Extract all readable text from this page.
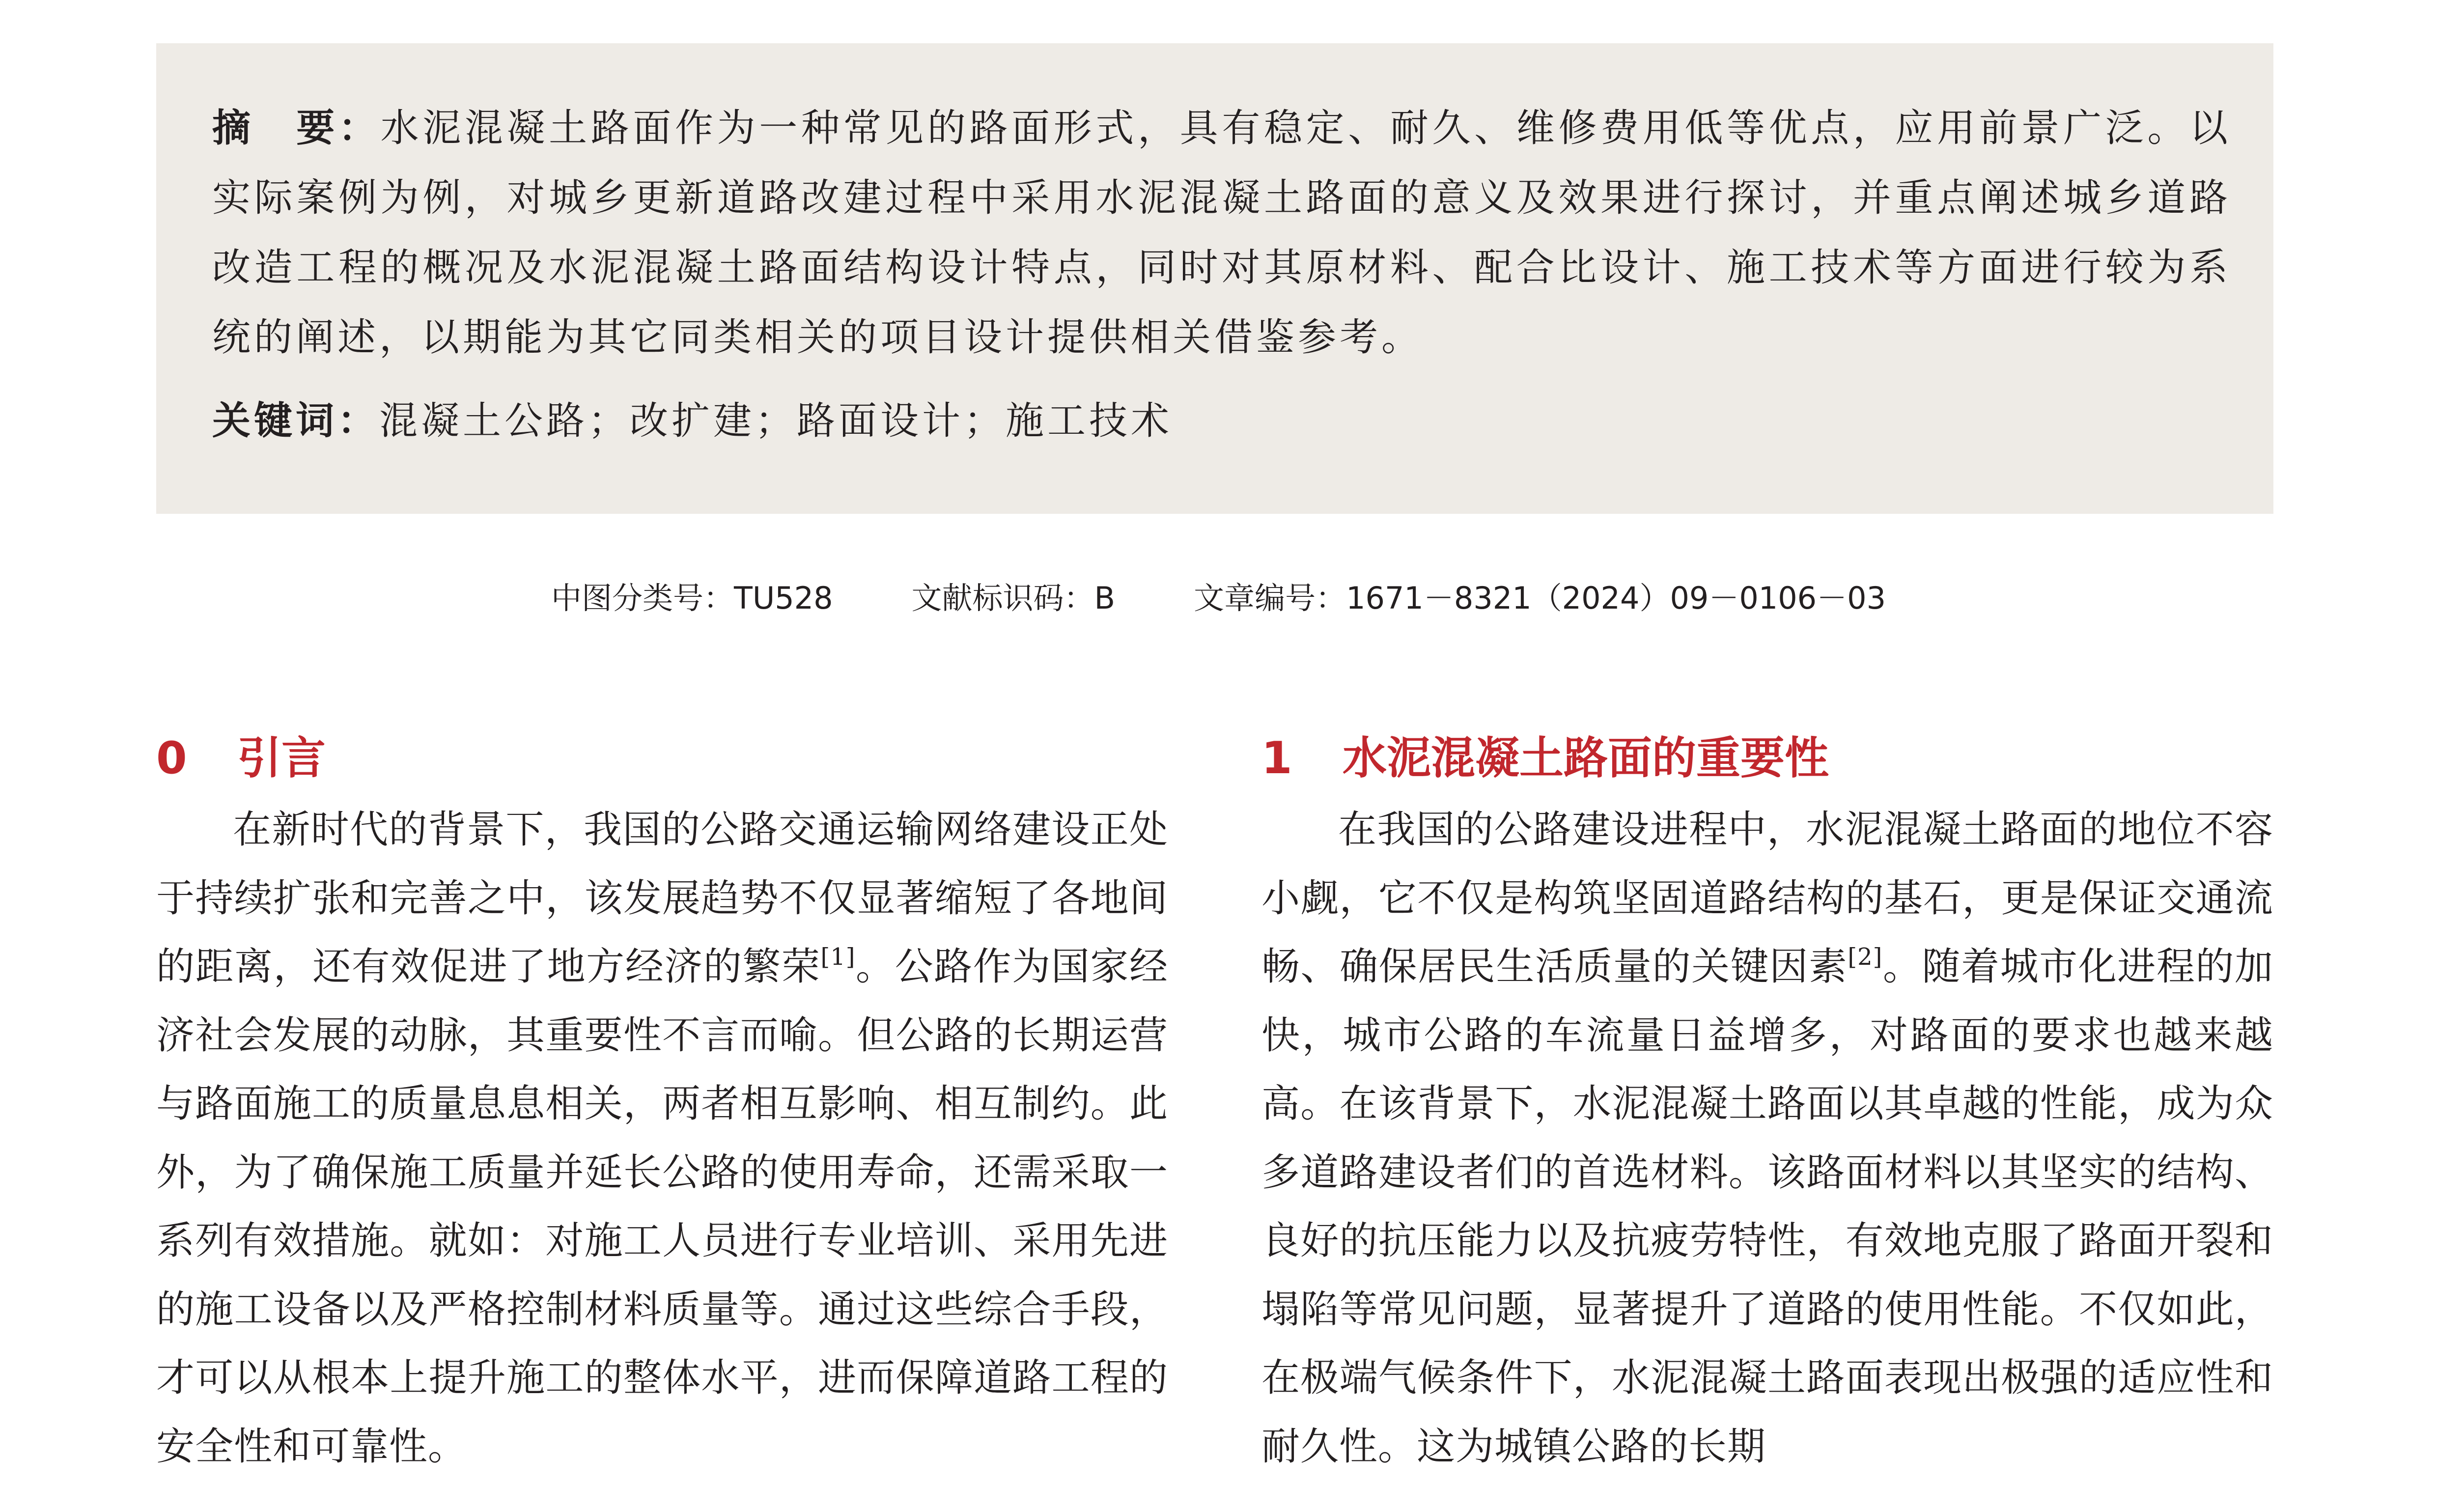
摘　要：水泥混凝土路面作为一种常见的路面形式，具有稳定、耐久、维修费用低等优点，应用前景广泛。以实际案例为例，对城乡更新道路改建过程中采用水泥混凝土路面的意义及效果进行探讨，并重点阐述城乡道路改造工程的概况及水泥混凝土路面结构设计特点，同时对其原材料、配合比设计、施工技术等方面进行较为系统的阐述，以期能为其它同类相关的项目设计提供相关借鉴参考。
关键词：混凝土公路；改扩建；路面设计；施工技术
中图分类号：TU528	文献标识码：B	文章编号：1671－8321（2024）09－0106－03
0 引言

在新时代的背景下，我国的公路交通运输网络建设正处于持续扩张和完善之中，该发展趋势不仅显著缩短了各地间的距离，还有效促进了地方经济的繁荣[1]。公路作为国家经济社会发展的动脉，其重要性不言而喻。但公路的长期运营与路面施工的质量息息相关，两者相互影响、相互制约。此外，为了确保施工质量并延长公路的使用寿命，还需采取一系列有效措施。就如：对施工人员进行专业培训、采用先进的施工设备以及严格控制材料质量等。通过这些综合手段，才可以从根本上提升施工的整体水平，进而保障道路工程的安全性和可靠性。

1 水泥混凝土路面的重要性

在我国的公路建设进程中，水泥混凝土路面的地位不容小觑，它不仅是构筑坚固道路结构的基石，更是保证交通流畅、确保居民生活质量的关键因素[2]。随着城市化进程的加快，城市公路的车流量日益增多，对路面的要求也越来越高。在该背景下，水泥混凝土路面以其卓越的性能，成为众多道路建设者们的首选材料。该路面材料以其坚实的结构、良好的抗压能力以及抗疲劳特性，有效地克服了路面开裂和塌陷等常见问题，显著提升了道路的使用性能。不仅如此，在极端气候条件下，水泥混凝土路面表现出极强的适应性和耐久性。这为城镇公路的长期
